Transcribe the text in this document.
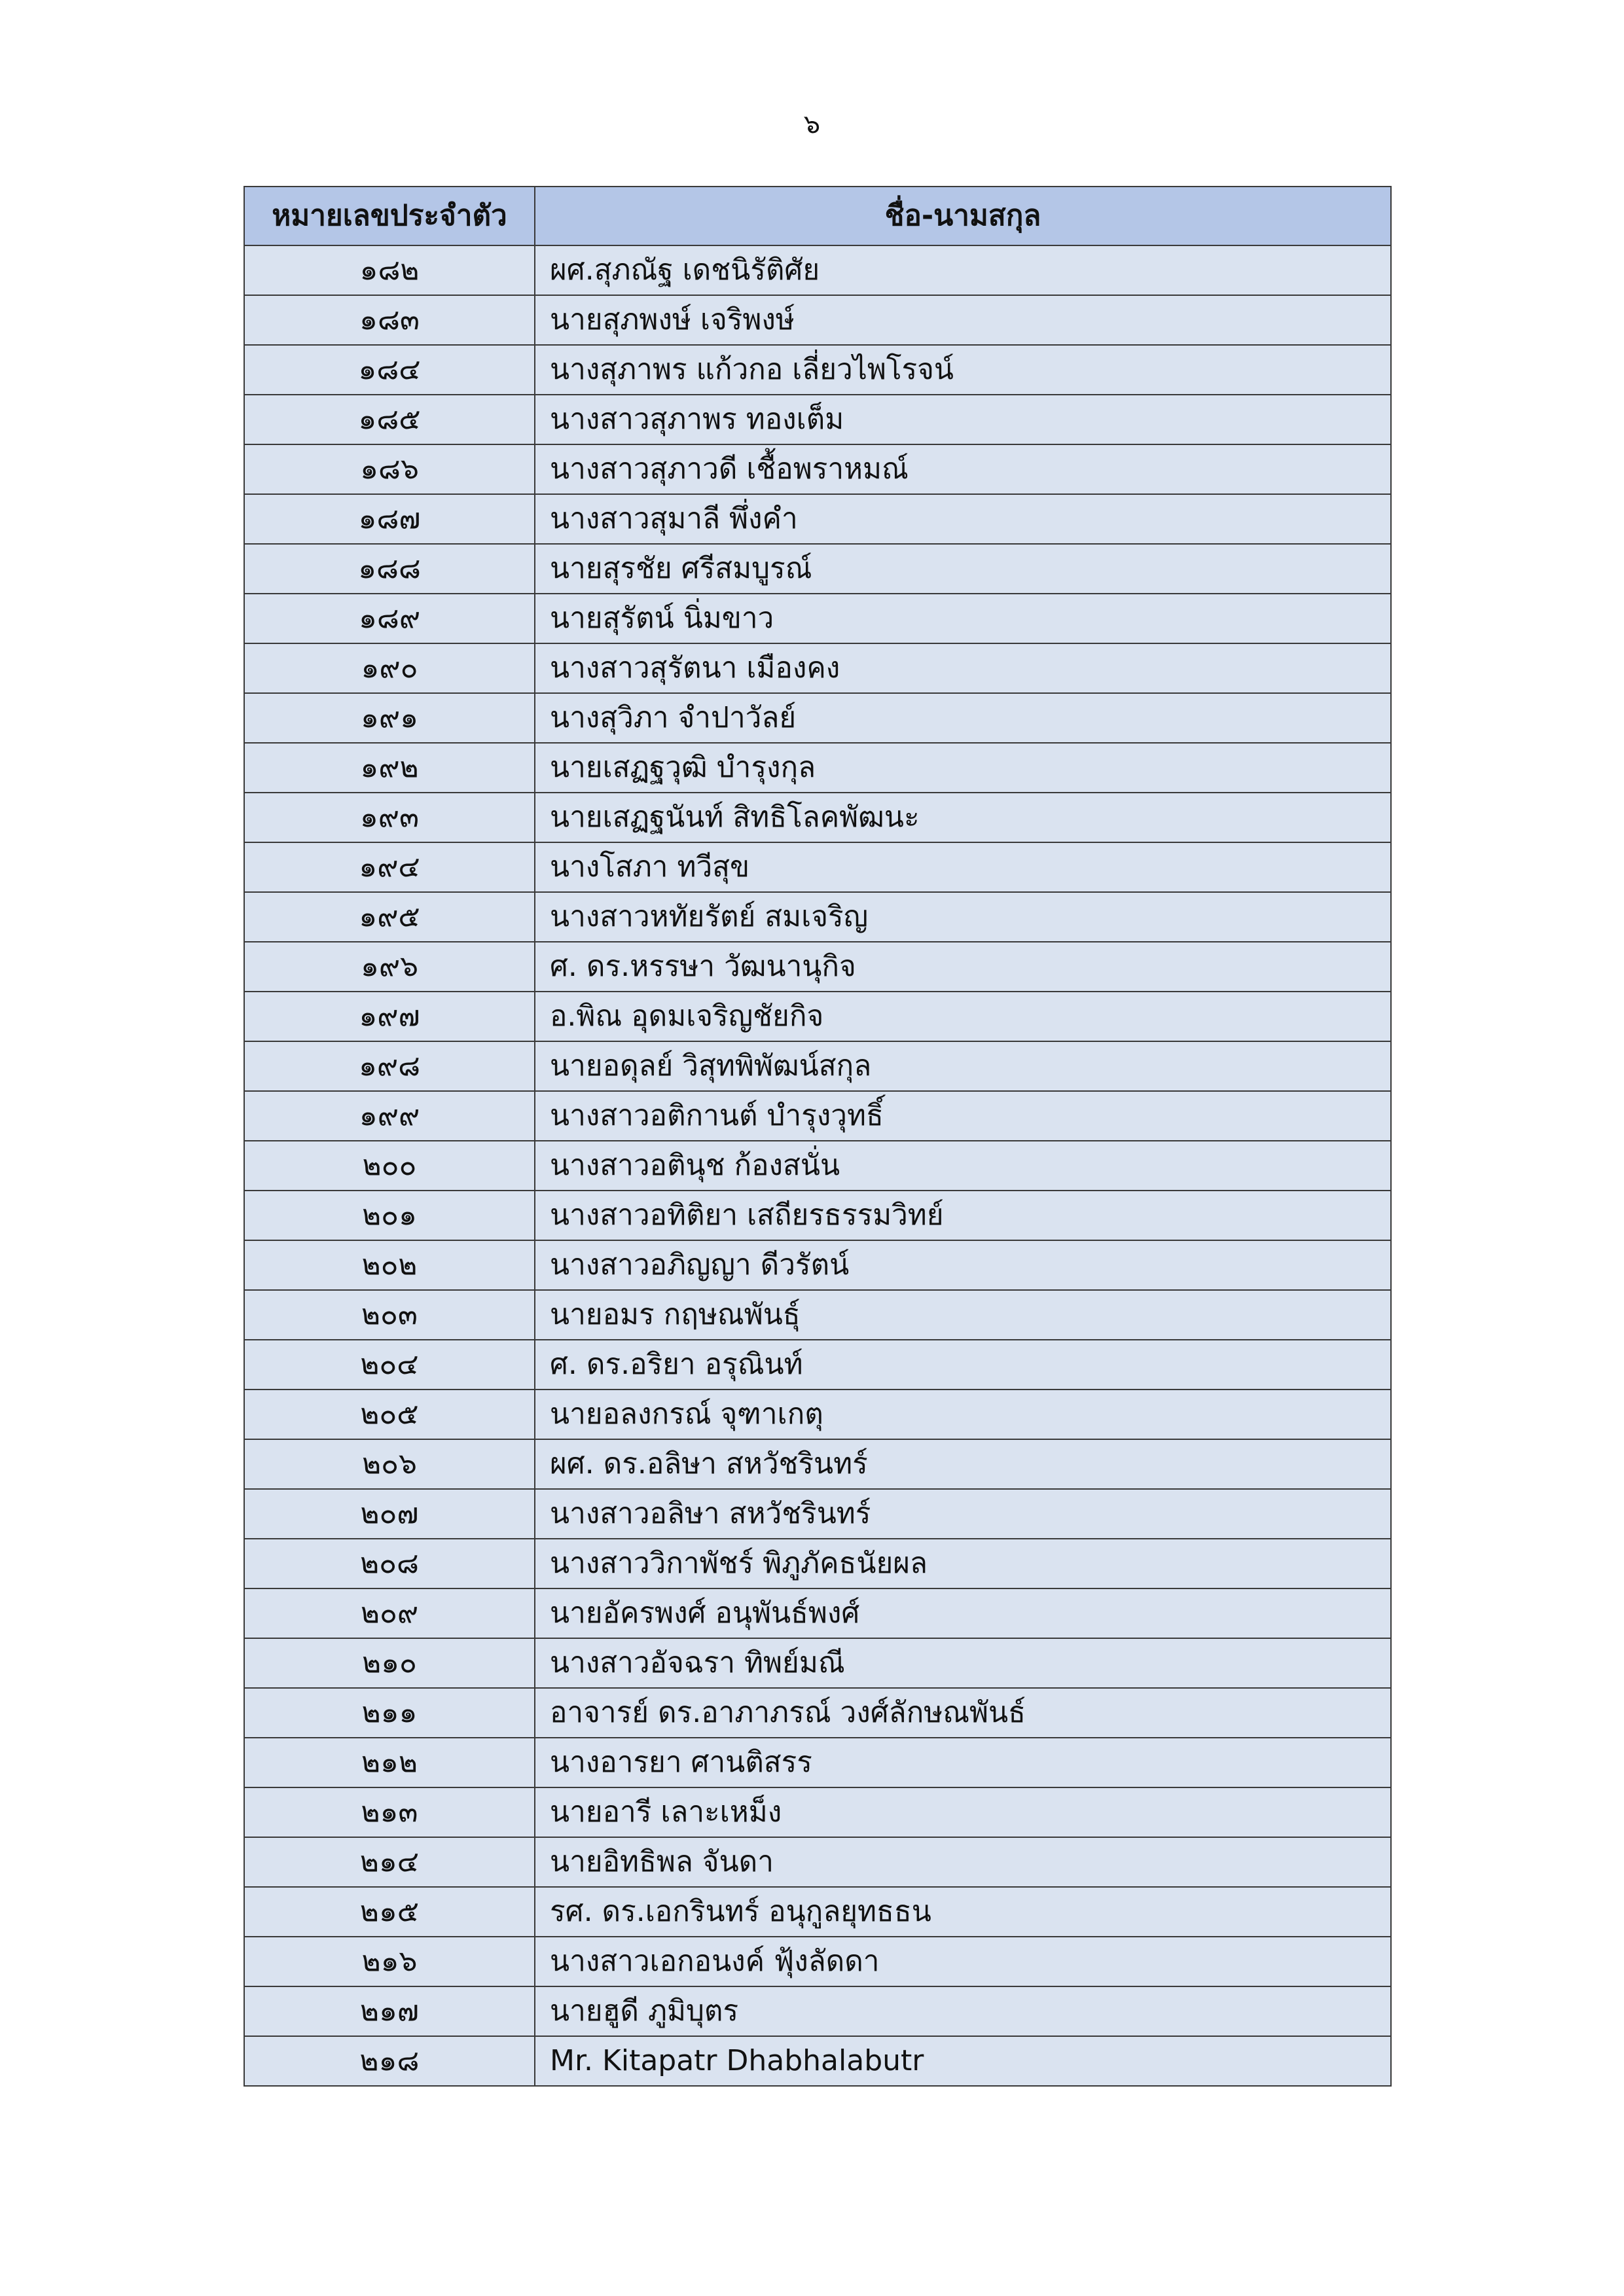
๖
หมายเลขประจำตัว	ชื่อ-นามสกุล
๑๘๒	ผศ.สุภณัฐ เดชนิรัติศัย
๑๘๓	นายสุภพงษ์ เจริพงษ์
๑๘๔	นางสุภาพร แก้วกอ เลี่ยวไพโรจน์
๑๘๕	นางสาวสุภาพร ทองเต็ม
๑๘๖	นางสาวสุภาวดี เชื้อพราหมณ์
๑๘๗	นางสาวสุมาลี พึ่งคำ
๑๘๘	นายสุรชัย ศรีสมบูรณ์
๑๘๙	นายสุรัตน์ นิ่มขาว
๑๙๐	นางสาวสุรัตนา เมืองคง
๑๙๑	นางสุวิภา จำปาวัลย์
๑๙๒	นายเสฏฐวุฒิ บำรุงกุล
๑๙๓	นายเสฏฐนันท์ สิทธิโลคพัฒนะ
๑๙๔	นางโสภา ทวีสุข
๑๙๕	นางสาวหทัยรัตย์ สมเจริญ
๑๙๖	ศ. ดร.หรรษา วัฒนานุกิจ
๑๙๗	อ.พิณ อุดมเจริญชัยกิจ
๑๙๘	นายอดุลย์ วิสุทพิพัฒน์สกุล
๑๙๙	นางสาวอติกานต์ บำรุงวุทธิ์
๒๐๐	นางสาวอตินุช ก้องสนั่น
๒๐๑	นางสาวอทิติยา เสถียรธรรมวิทย์
๒๐๒	นางสาวอภิญญา ดีวรัตน์
๒๐๓	นายอมร กฤษณพันธุ์
๒๐๔	ศ. ดร.อริยา อรุณินท์
๒๐๕	นายอลงกรณ์ จุฑาเกตุ
๒๐๖	ผศ. ดร.อลิษา สหวัชรินทร์
๒๐๗	นางสาวอลิษา สหวัชรินทร์
๒๐๘	นางสาววิกาพัชร์ พิภูภัคธนัยผล
๒๐๙	นายอัครพงศ์ อนุพันธ์พงศ์
๒๑๐	นางสาวอัจฉรา ทิพย์มณี
๒๑๑	อาจารย์ ดร.อาภาภรณ์ วงศ์ลักษณพันธ์
๒๑๒	นางอารยา ศานติสรร
๒๑๓	นายอารี เลาะเหม็ง
๒๑๔	นายอิทธิพล จันดา
๒๑๕	รศ. ดร.เอกรินทร์ อนุกูลยุทธธน
๒๑๖	นางสาวเอกอนงค์ ฟุ้งลัดดา
๒๑๗	นายฮูดี ภูมิบุตร
๒๑๘	Mr. Kitapatr Dhabhalabutr
